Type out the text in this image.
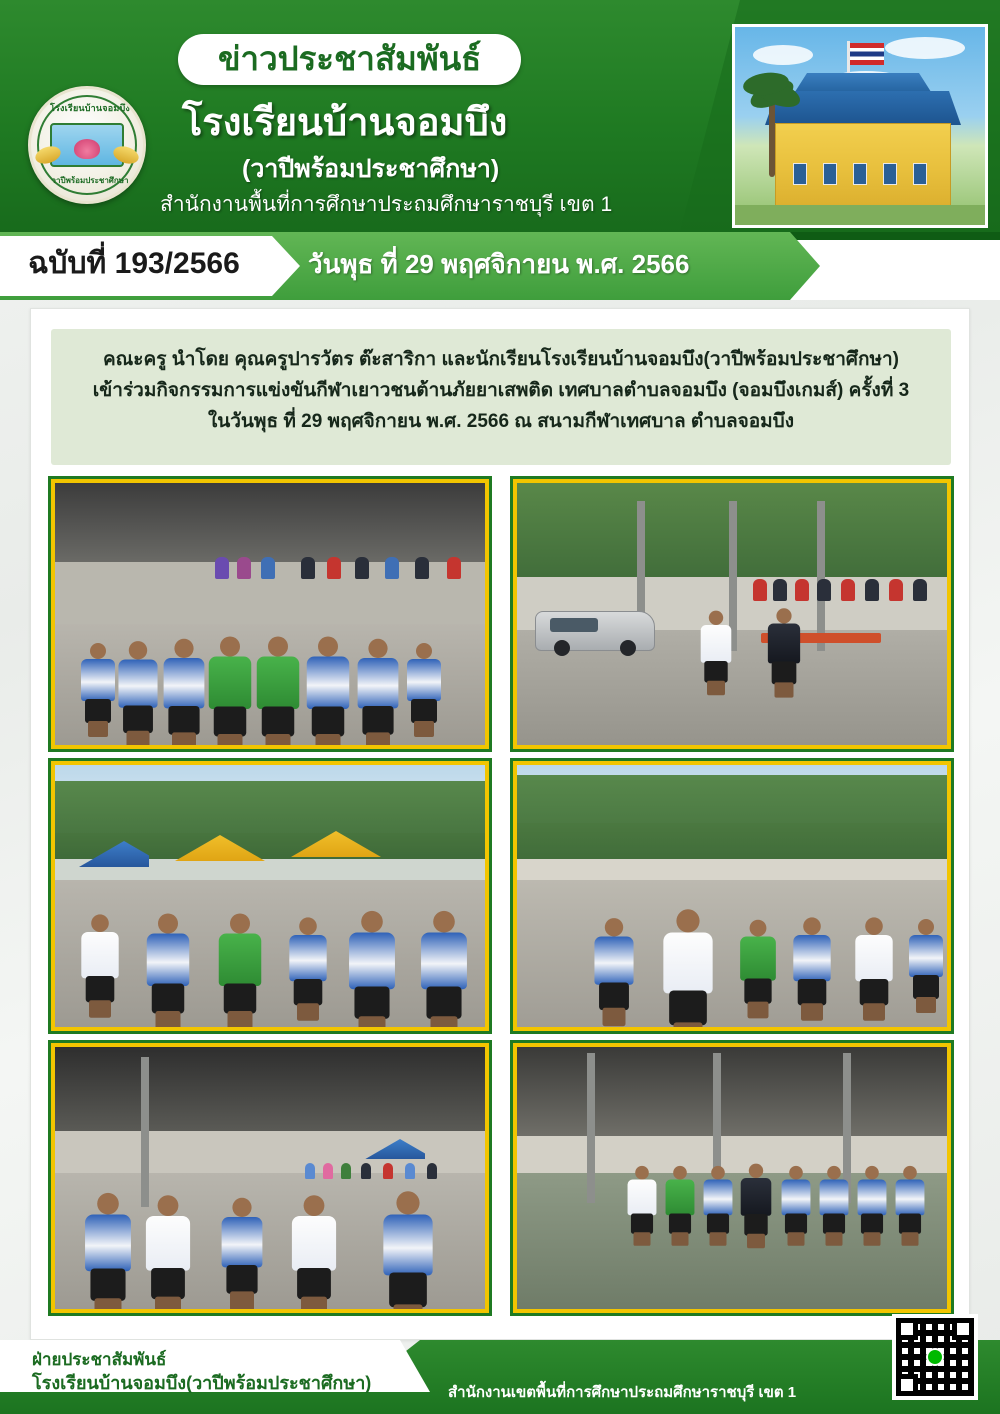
โรงเรียนบ้านจอมบึง
วาปีพร้อมประชาศึกษา
ข่าวประชาสัมพันธ์
โรงเรียนบ้านจอมบึง
(วาปีพร้อมประชาศึกษา)
สำนักงานพื้นที่การศึกษาประถมศึกษาราชบุรี เขต 1
ฉบับที่ 193/2566	วันพุธ ที่ 29 พฤศจิกายน พ.ศ. 2566

คณะครู นำโดย คุณครูปารวัตร ต๊ะสาริกา และนักเรียนโรงเรียนบ้านจอมบึง(วาปีพร้อมประชาศึกษา)

เข้าร่วมกิจกรรมการแข่งขันกีฬาเยาวชนต้านภัยยาเสพติด เทศบาลตำบลจอมบึง (จอมบึงเกมส์) ครั้งที่ 3

ในวันพุธ ที่ 29 พฤศจิกายน พ.ศ. 2566 ณ สนามกีฬาเทศบาล ตำบลจอมบึง

ฝ่ายประชาสัมพันธ์
โรงเรียนบ้านจอมบึง(วาปีพร้อมประชาศึกษา)	สำนักงานเขตพื้นที่การศึกษาประถมศึกษาราชบุรี เขต 1
